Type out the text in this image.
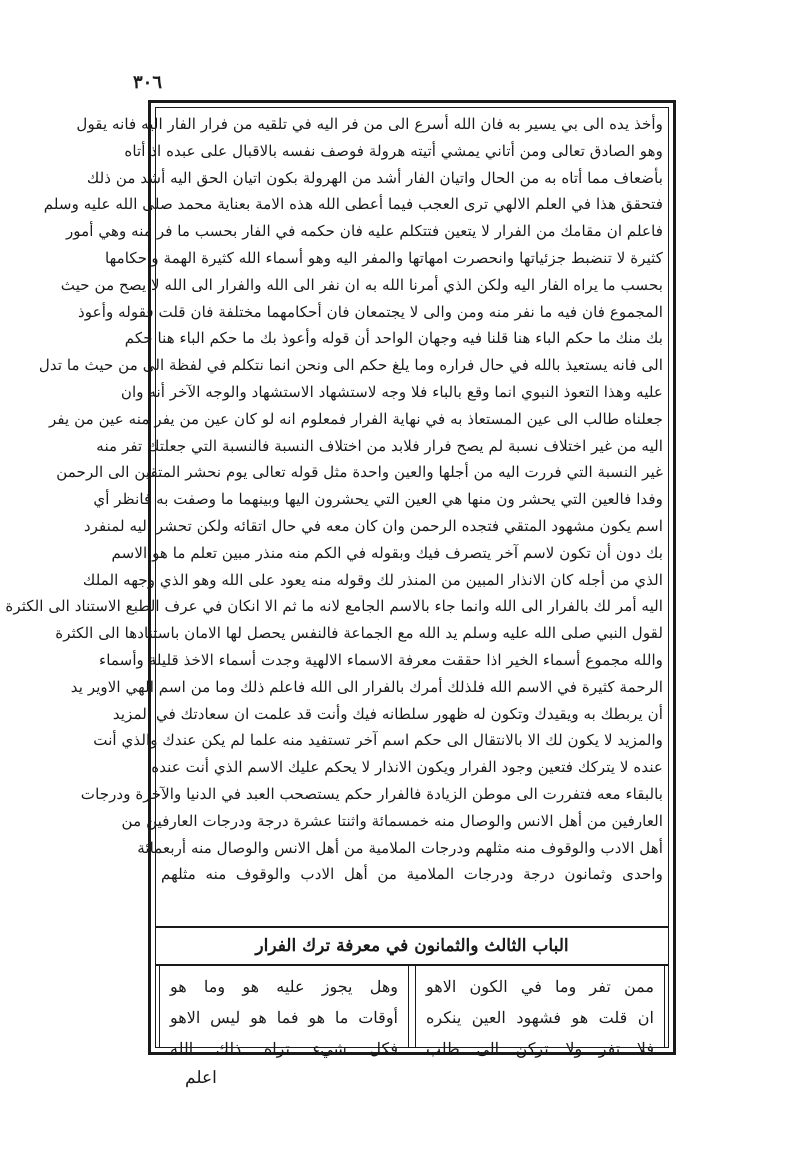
٣٠٦
وأخذ يده الى بي يسير به فان الله أسرع الى من فر اليه في تلقيه من فرار الفار اليه فانه يقول
وهو الصادق تعالى ومن أتاني يمشي أتيته هرولة فوصف نفسه بالاقبال على عبده اذ أتاه
بأضعاف مما أتاه به من الحال واتيان الفار أشد من الهرولة بكون اتيان الحق اليه أشد من ذلك
فتحقق هذا في العلم الالهي ترى العجب فيما أعطى الله هذه الامة بعناية محمد صلى الله عليه وسلم
فاعلم ان مقامك من الفرار لا يتعين فتتكلم عليه فان حكمه في الفار بحسب ما فر منه وهي أمور
كثيرة لا تنضبط جزئياتها وانحصرت امهاتها والمفر اليه وهو أسماء الله كثيرة الهمة وأحكامها
بحسب ما يراه الفار اليه ولكن الذي أمرنا الله به ان نفر الى الله والفرار الى الله لا يصح من حيث
المجموع فان فيه ما نفر منه ومن والى لا يجتمعان فان أحكامهما مختلفة فان قلت فقوله وأعوذ
بك منك ما حكم الباء هنا قلنا فيه وجهان الواحد أن قوله وأعوذ بك ما حكم الباء هنا حكم
الى فانه يستعيذ بالله في حال فراره وما يلغ حكم الى ونحن انما نتكلم في لفظة الى من حيث ما تدل
عليه وهذا التعوذ النبوي انما وقع بالباء فلا وجه لاستشهاد الاستشهاد والوجه الآخر أنه وان
جعلناه طالب الى عين المستعاذ به في نهاية الفرار فمعلوم انه لو كان عين من يفر منه عين من يفر
اليه من غير اختلاف نسبة لم يصح فرار فلابد من اختلاف النسبة فالنسبة التي جعلتك تفر منه
غير النسبة التي فررت اليه من أجلها والعين واحدة مثل قوله تعالى يوم نحشر المتقين الى الرحمن
وفدا فالعين التي يحشر ون منها هي العين التي يحشرون اليها وبينهما ما وصفت به فانظر أي
اسم يكون مشهود المتقي فتجده الرحمن وان كان معه في حال اتقائه ولكن تحشر اليه لمنفرد
بك دون أن تكون لاسم آخر يتصرف فيك وبقوله في الكم منه منذر مبين تعلم ما هو الاسم
الذي من أجله كان الانذار المبين من المنذر لك وقوله منه يعود على الله وهو الذي وجهه الملك
اليه أمر لك بالفرار الى الله وانما جاء بالاسم الجامع لانه ما ثم الا انكان في عرف الطبع الاستناد الى الكثرة
لقول النبي صلى الله عليه وسلم يد الله مع الجماعة فالنفس يحصل لها الامان باستنادها الى الكثرة
والله مجموع أسماء الخير اذا حققت معرفة الاسماء الالهية وجدت أسماء الاخذ قليلة وأسماء
الرحمة كثيرة في الاسم الله فلذلك أمرك بالفرار الى الله فاعلم ذلك وما من اسم الهي الاوير يد
أن يربطك به ويقيدك وتكون له ظهور سلطانه فيك وأنت قد علمت ان سعادتك في المزيد
والمزيد لا يكون لك الا بالانتقال الى حكم اسم آخر تستفيد منه علما لم يكن عندك والذي أنت
عنده لا يتركك فتعين وجود الفرار ويكون الانذار لا يحكم عليك الاسم الذي أنت عنده
بالبقاء معه فتفررت الى موطن الزيادة فالفرار حكم يستصحب العبد في الدنيا والآخرة ودرجات
العارفين من أهل الانس والوصال منه خمسمائة واثنتا عشرة درجة ودرجات العارفين من
أهل الادب والوقوف منه مثلهم ودرجات الملامية من أهل الانس والوصال منه أربعمائة
واحدى وثمانون درجة ودرجات الملامية من أهل الادب والوقوف منه مثلهم
الباب الثالث والثمانون في معرفة ترك الفرار
ممن تفر وما في الكون الاهو
ان قلت هو فشهود العين ينكره
فلا تفر ولا تركن الى طلب
وهل يجوز عليه هو وما هو
أوقات ما هو فما هو ليس الاهو
فكل شيء تراه ذلك الله
اعلم
